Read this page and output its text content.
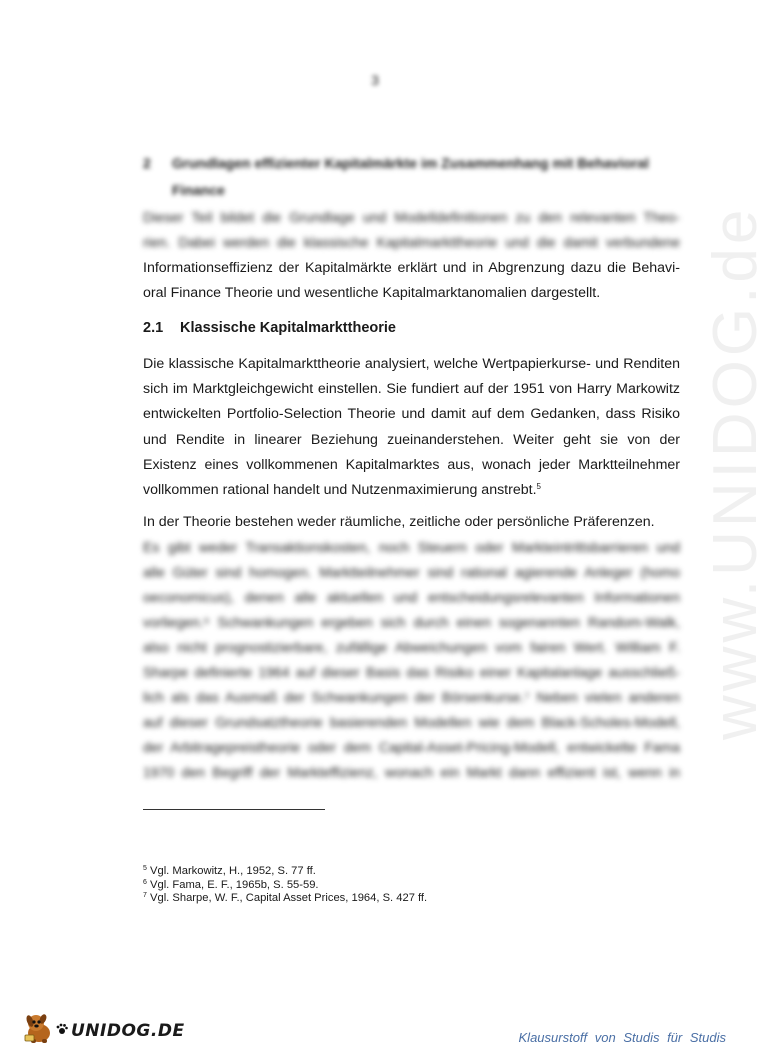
www.UNIDOG.de
3
2 Grundlagen effizienter Kapitalmärkte im Zusammenhang mit Behavioral Finance
Dieser Teil bildet die Grundlage und Modelldefinitionen zu den relevanten Theo-
rien. Dabei werden die klassische Kapitalmarkttheorie und die damit verbundene
Informationseffizienz der Kapitalmärkte erklärt und in Abgrenzung dazu die Behavi-
oral Finance Theorie und wesentliche Kapitalmarktanomalien dargestellt.
2.1 Klassische Kapitalmarkttheorie
Die klassische Kapitalmarkttheorie analysiert, welche Wertpapierkurse- und Renditen sich im Marktgleichgewicht einstellen. Sie fundiert auf der 1951 von Harry Markowitz entwickelten Portfolio-Selection Theorie und damit auf dem Gedanken, dass Risiko und Rendite in linearer Beziehung zueinanderstehen. Weiter geht sie von der Existenz eines vollkommenen Kapitalmarktes aus, wonach jeder Marktteilnehmer vollkommen rational handelt und Nutzenmaximierung anstrebt.$^5$
In der Theorie bestehen weder räumliche, zeitliche oder persönliche Präferenzen.
Es gibt weder Transaktionskosten, noch Steuern oder Markteintrittsbarrieren und
alle Güter sind homogen. Marktteilnehmer sind rational agierende Anleger (homo
oeconomicus), denen alle aktuellen und entscheidungsrelevanten Informationen
vorliegen.⁶ Schwankungen ergeben sich durch einen sogenannten Random-Walk,
also nicht prognostizierbare, zufällige Abweichungen vom fairen Wert. William F.
Sharpe definierte 1964 auf dieser Basis das Risiko einer Kapitalanlage ausschließ-
lich als das Ausmaß der Schwankungen der Börsenkurse.⁷ Neben vielen anderen
auf dieser Grundsatztheorie basierenden Modellen wie dem Black-Scholes-Modell,
der Arbitragepreistheorie oder dem Capital-Asset-Pricing-Modell, entwickelte Fama
1970 den Begriff der Markteffizienz, wonach ein Markt dann effizient ist, wenn in
$^5$ Vgl. Markowitz, H., 1952, S. 77 ff.
$^6$ Vgl. Fama, E. F., 1965b, S. 55-59.
$^7$ Vgl. Sharpe, W. F., Capital Asset Prices, 1964, S. 427 ff.
UNIDOG.DE	Klausurstoff von Studis für Studis
